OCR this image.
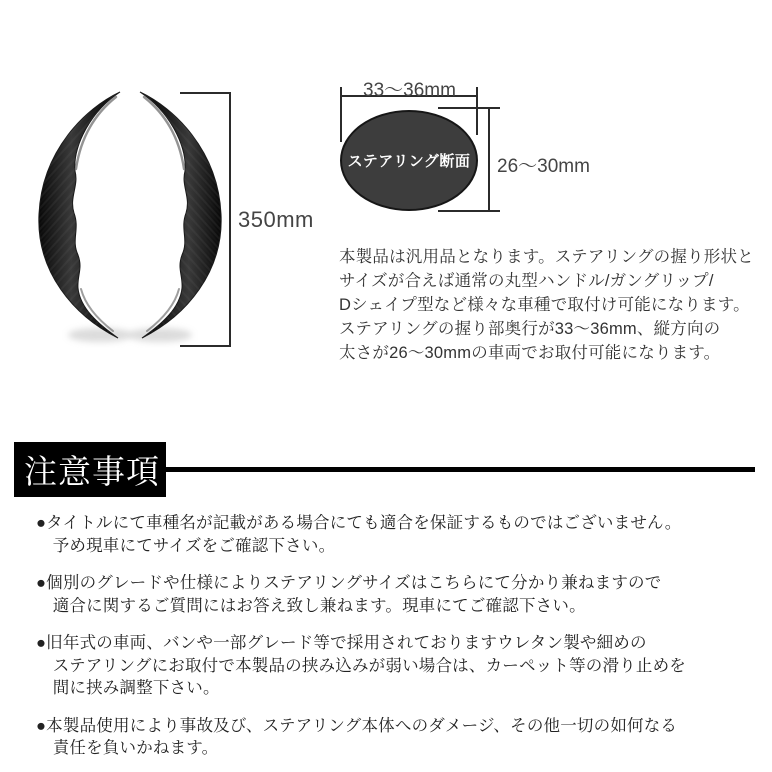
350mm
ステアリング断面
33〜36mm
26〜30mm
本製品は汎用品となります。ステアリングの握り形状と
サイズが合えば通常の丸型ハンドル/ガングリップ/
Dシェイプ型など様々な車種で取付け可能になります。
ステアリングの握り部奥行が33〜36mm、縦方向の
太さが26〜30mmの車両でお取付可能になります。
注意事項
●タイトルにて車種名が記載がある場合にても適合を保証するものではございません。
　予め現車にてサイズをご確認下さい。
●個別のグレードや仕様によりステアリングサイズはこちらにて分かり兼ねますので
　適合に関するご質問にはお答え致し兼ねます。現車にてご確認下さい。
●旧年式の車両、バンや一部グレード等で採用されておりますウレタン製や細めの
　ステアリングにお取付で本製品の挟み込みが弱い場合は、カーペット等の滑り止めを
　間に挟み調整下さい。
●本製品使用により事故及び、ステアリング本体へのダメージ、その他一切の如何なる
　責任を負いかねます。
